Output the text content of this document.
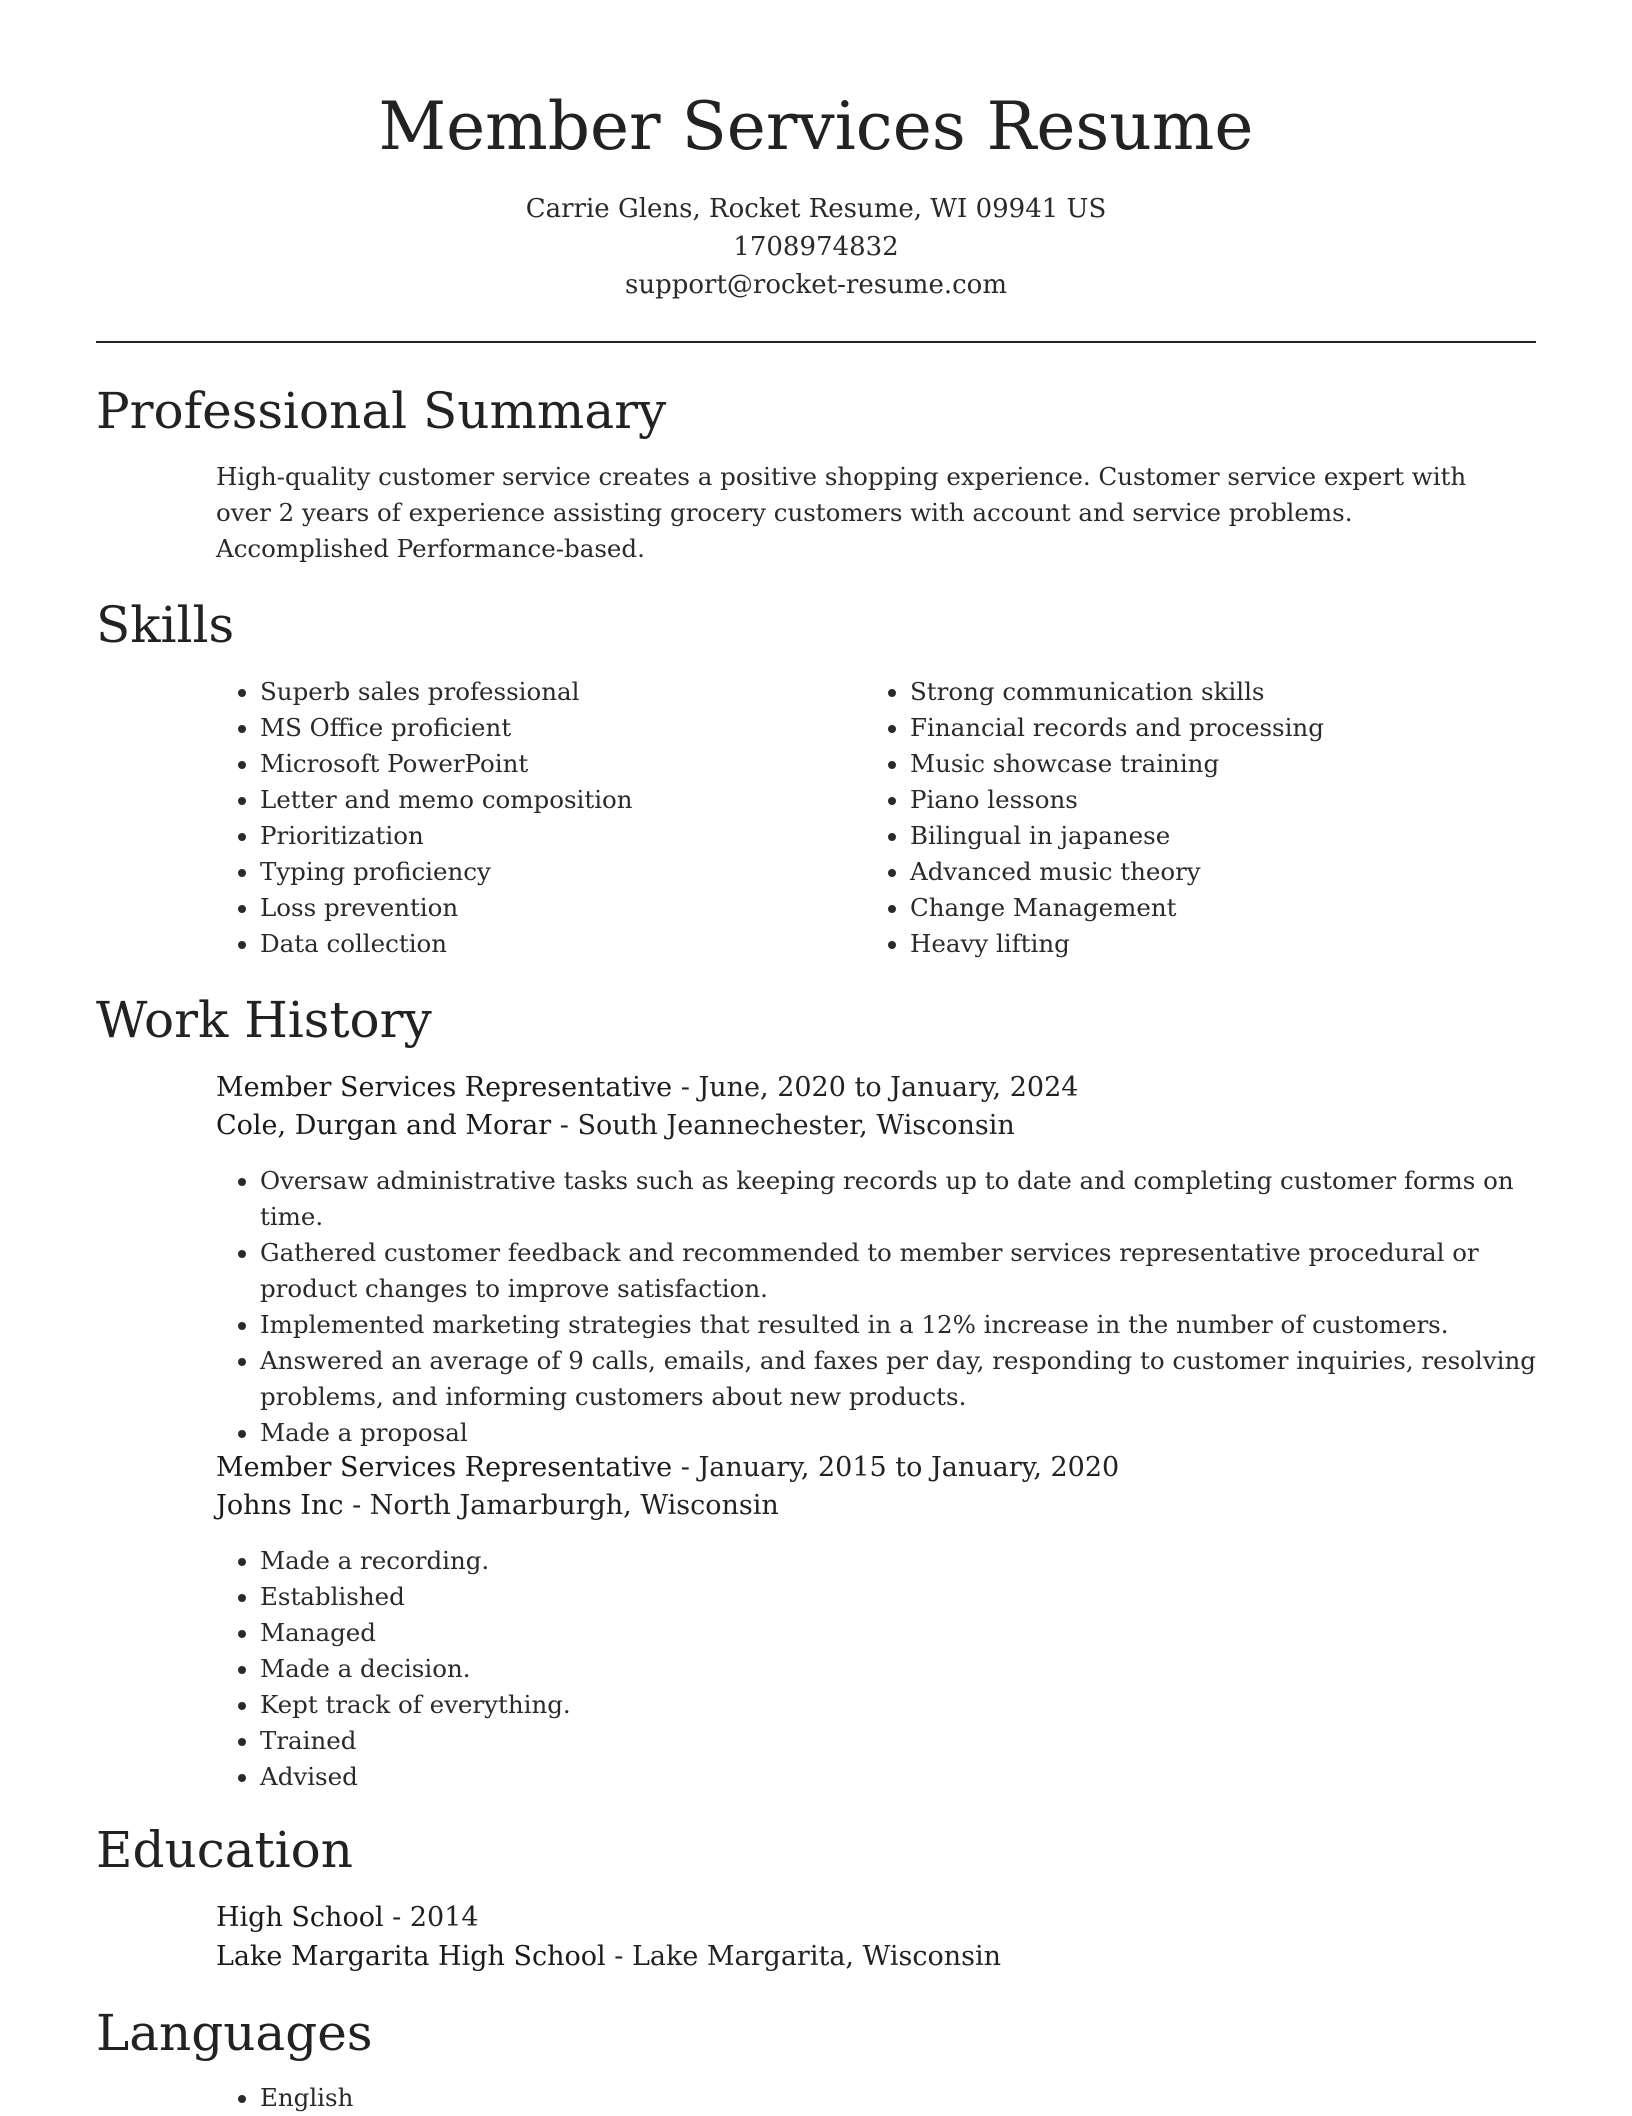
Member Services Resume
Carrie Glens, Rocket Resume, WI 09941 US
1708974832
support@rocket-resume.com
Professional Summary

High-quality customer service creates a positive shopping experience. Customer service expert with over 2 years of experience assisting grocery customers with account and service problems. Accomplished Performance-based.

Skills
• Superb sales professional
• MS Office proficient
• Microsoft PowerPoint
• Letter and memo composition
• Prioritization
• Typing proficiency
• Loss prevention
• Data collection
• Strong communication skills
• Financial records and processing
• Music showcase training
• Piano lessons
• Bilingual in japanese
• Advanced music theory
• Change Management
• Heavy lifting
Work History
Member Services Representative - June, 2020 to January, 2024
Cole, Durgan and Morar - South Jeannechester, Wisconsin
• Oversaw administrative tasks such as keeping records up to date and completing customer forms on time.
• Gathered customer feedback and recommended to member services representative procedural or product changes to improve satisfaction.
• Implemented marketing strategies that resulted in a 12% increase in the number of customers.
• Answered an average of 9 calls, emails, and faxes per day, responding to customer inquiries, resolving problems, and informing customers about new products.
• Made a proposal
Member Services Representative - January, 2015 to January, 2020
Johns Inc - North Jamarburgh, Wisconsin
• Made a recording.
• Established
• Managed
• Made a decision.
• Kept track of everything.
• Trained
• Advised
Education
High School - 2014
Lake Margarita High School - Lake Margarita, Wisconsin
Languages
• English
